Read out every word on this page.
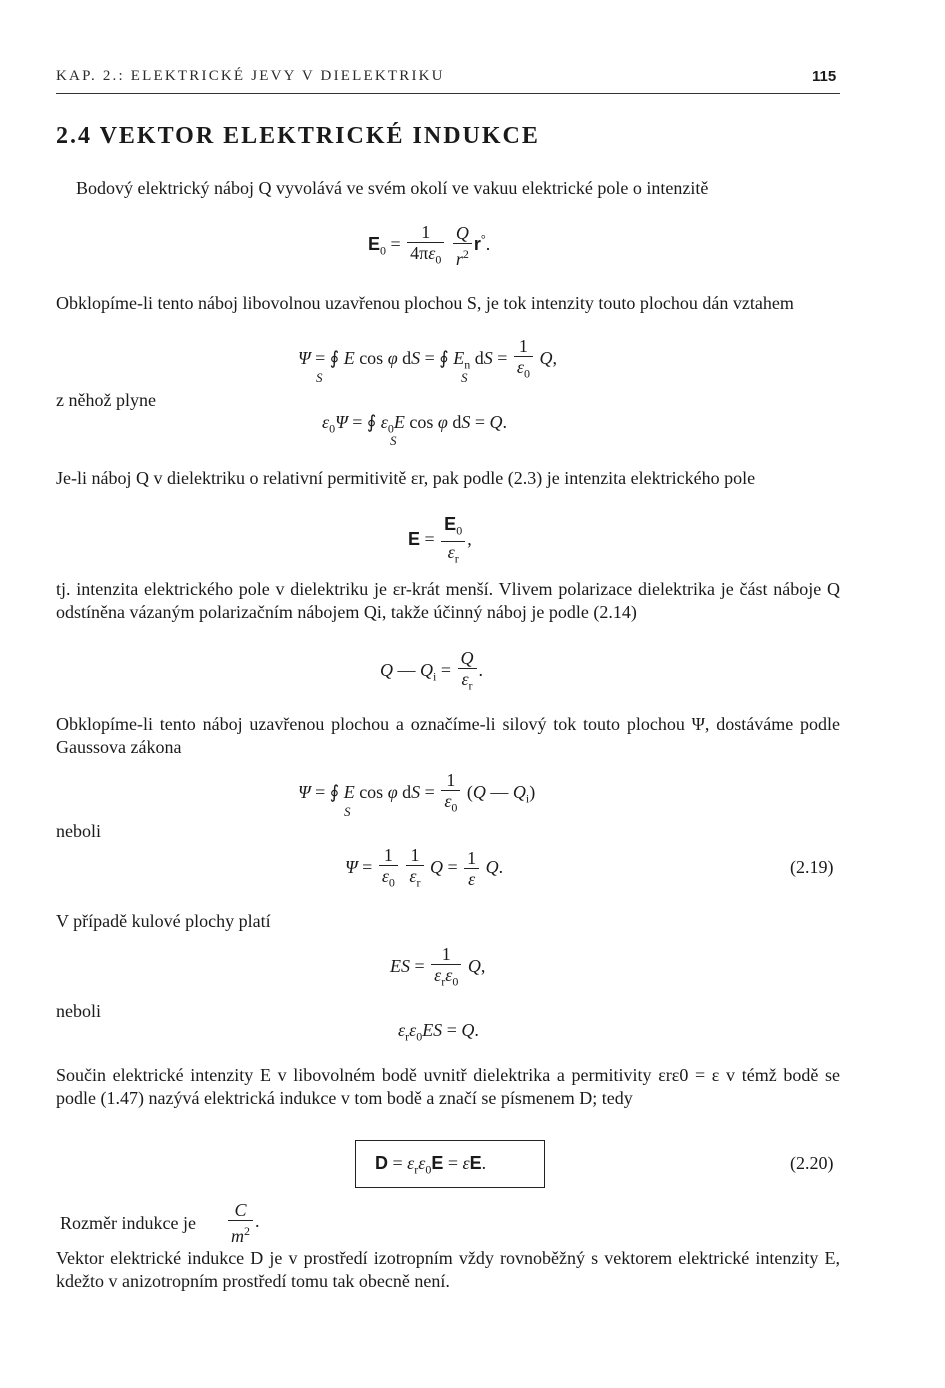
KAP. 2.: ELEKTRICKÉ JEVY V DIELEKTRIKU	115
2.4 VEKTOR ELEKTRICKÉ INDUKCE
Bodový elektrický náboj Q vyvolává ve svém okolí ve vakuu elektrické pole o intenzitě
$E_0 = \frac{1}{4\pi\varepsilon_0}$
$\frac{Q}{r^2} r^\circ$.
Obklopíme-li tento náboj libovolnou uzavřenou plochou S, je tok intenzity touto plochou dán vztahem
Ψ = ∮ E cos φ dS = ∮ $E_n$ dS = $\frac{1}{\varepsilon_0} Q$,
S	S
z něhož plyne
$\varepsilon_0\Psi$ = ∮ $\varepsilon_0E$ cos φ dS = Q.
S
Je-li náboj Q v dielektriku o relativní permitivitě εr, pak podle (2.3) je intenzita elektrického pole
$E = \frac{E_0}{\varepsilon_r}$ ,
tj. intenzita elektrického pole v dielektriku je εr-krát menší. Vlivem polarizace dielektrika je část náboje Q odstíněna vázaným polarizačním nábojem Qi, takže účinný náboj je podle (2.14)
Q — $Q_i = \frac{Q}{\varepsilon_r}$ .
Obklopíme-li tento náboj uzavřenou plochou a označíme-li silový tok touto plochou Ψ, dostáváme podle Gaussova zákona
Ψ = ∮ E cos φ dS = $\frac{1}{\varepsilon_0} (Q$ — $Q_i$)
S
neboli
$\Psi = \frac{1}{\varepsilon_0}$
$\frac{1}{\varepsilon_r}$ $Q = \frac{1}{\varepsilon} Q$.	(2.19)
V případě kulové plochy platí
ES = $\frac{1}{\varepsilon_r\varepsilon_0} Q$,
neboli
$\varepsilon_r\varepsilon_0ES = Q$.
Součin elektrické intenzity E v libovolném bodě uvnitř dielektrika a permitivity εrε0 = ε v témž bodě se podle (1.47) nazývá elektrická indukce v tom bodě a značí se písmenem D; tedy
$D = \varepsilon_r\varepsilon_0E = \varepsilon E$.	(2.20)
Rozměr indukce je $\frac{C}{m^2}$ .
Vektor elektrické indukce D je v prostředí izotropním vždy rovnoběžný s vektorem elektrické intenzity E, kdežto v anizotropním prostředí tomu tak obecně není.
